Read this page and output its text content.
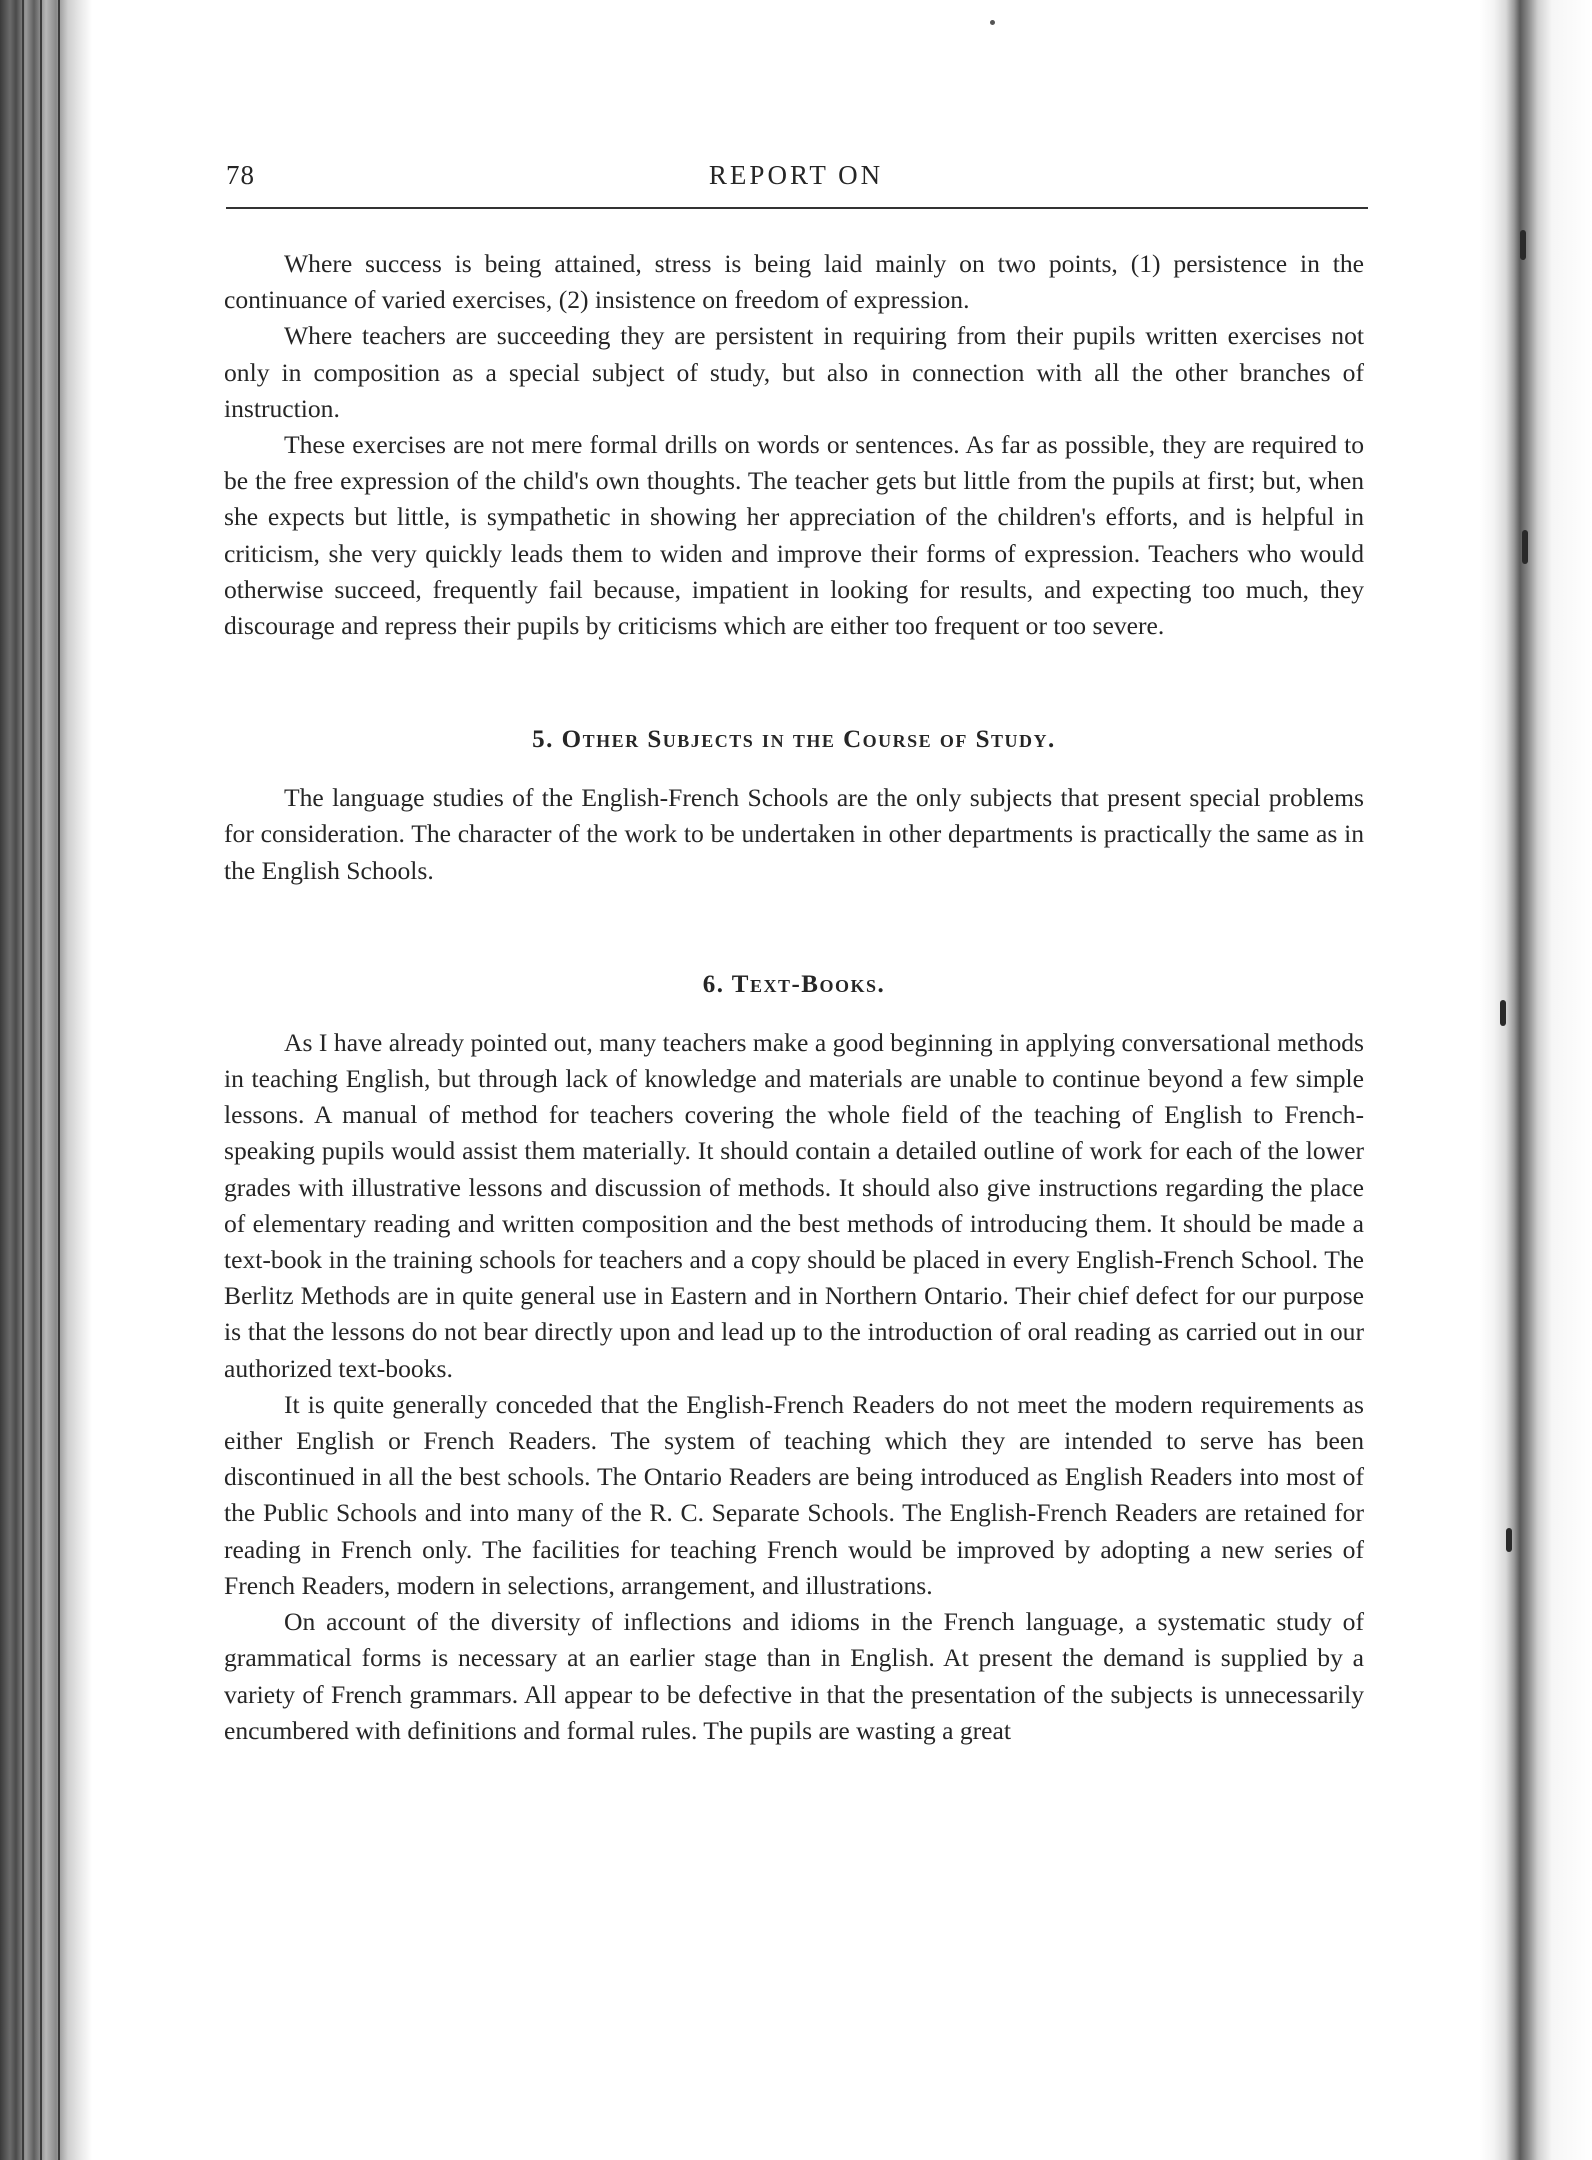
78	REPORT ON

Where success is being attained, stress is being laid mainly on two points, (1) persistence in the continuance of varied exercises, (2) insistence on freedom of expression.

Where teachers are succeeding they are persistent in requiring from their pupils written exercises not only in composition as a special subject of study, but also in connection with all the other branches of instruction.

These exercises are not mere formal drills on words or sentences. As far as possible, they are required to be the free expression of the child's own thoughts. The teacher gets but little from the pupils at first; but, when she expects but little, is sympathetic in showing her appreciation of the children's efforts, and is helpful in criticism, she very quickly leads them to widen and improve their forms of expression. Teachers who would otherwise succeed, frequently fail because, impatient in looking for results, and expecting too much, they discourage and repress their pupils by criticisms which are either too frequent or too severe.

5. Other Subjects in the Course of Study.

The language studies of the English-French Schools are the only subjects that present special problems for consideration. The character of the work to be undertaken in other departments is practically the same as in the English Schools.

6. Text-Books.

As I have already pointed out, many teachers make a good beginning in applying conversational methods in teaching English, but through lack of knowledge and materials are unable to continue beyond a few simple lessons. A manual of method for teachers covering the whole field of the teaching of English to French-speaking pupils would assist them materially. It should contain a detailed outline of work for each of the lower grades with illustrative lessons and discussion of methods. It should also give instructions regarding the place of elementary reading and written composition and the best methods of introducing them. It should be made a text-book in the training schools for teachers and a copy should be placed in every English-French School. The Berlitz Methods are in quite general use in Eastern and in Northern Ontario. Their chief defect for our purpose is that the lessons do not bear directly upon and lead up to the introduction of oral reading as carried out in our authorized text-books.

It is quite generally conceded that the English-French Readers do not meet the modern requirements as either English or French Readers. The system of teaching which they are intended to serve has been discontinued in all the best schools. The Ontario Readers are being introduced as English Readers into most of the Public Schools and into many of the R. C. Separate Schools. The English-French Readers are retained for reading in French only. The facilities for teaching French would be improved by adopting a new series of French Readers, modern in selections, arrangement, and illustrations.

On account of the diversity of inflections and idioms in the French language, a systematic study of grammatical forms is necessary at an earlier stage than in English. At present the demand is supplied by a variety of French grammars. All appear to be defective in that the presentation of the subjects is unnecessarily encumbered with definitions and formal rules. The pupils are wasting a great
